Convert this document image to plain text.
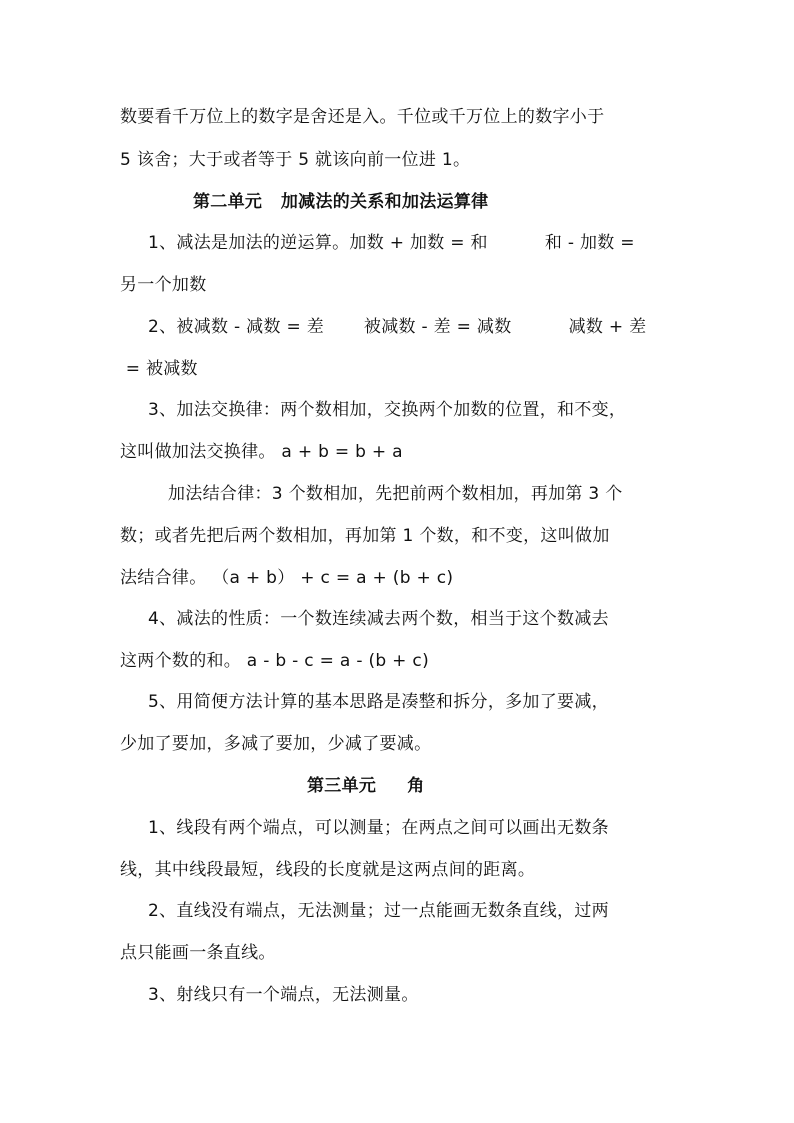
数要看千万位上的数字是舍还是入。千位或千万位上的数字小于
5 该舍；大于或者等于 5 就该向前一位进 1。
第二单元   加减法的关系和加法运算律
1、减法是加法的逆运算。加数 + 加数 = 和          和 - 加数 =
另一个加数
2、被减数 - 减数 = 差       被减数 - 差 = 减数          减数 + 差
= 被减数
3、加法交换律：两个数相加，交换两个加数的位置，和不变，
这叫做加法交换律。 a + b = b + a
加法结合律：3 个数相加，先把前两个数相加，再加第 3 个
数；或者先把后两个数相加，再加第 1 个数，和不变，这叫做加
法结合律。 （a + b） + c = a + (b + c)
4、减法的性质：一个数连续减去两个数，相当于这个数减去
这两个数的和。 a - b - c = a - (b + c)
5、用简便方法计算的基本思路是凑整和拆分，多加了要减，
少加了要加，多减了要加，少减了要减。
第三单元     角
1、线段有两个端点，可以测量；在两点之间可以画出无数条
线，其中线段最短，线段的长度就是这两点间的距离。
2、直线没有端点，无法测量；过一点能画无数条直线，过两
点只能画一条直线。
3、射线只有一个端点，无法测量。
